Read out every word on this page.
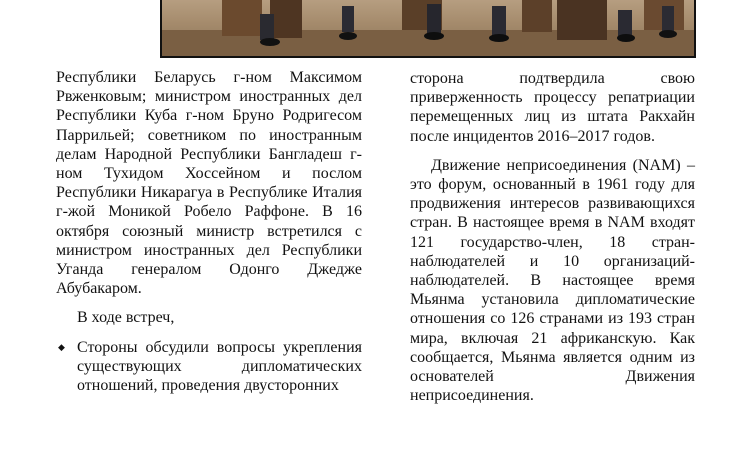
Республики Беларусь г-ном Максимом Рвженковым; министром иностранных дел Республики Куба г-ном Бруно Родригесом Паррильей; советником по иностранным делам Народной Республики Бангладеш г-ном Тухидом Хоссейном и послом Республики Никарагуа в Республике Италия г-жой Моникой Робело Раффоне. В 16 октября союзный министр встретился с министром иностранных дел Республики Уганда генералом Одонго Джедже Абубакаром.

В ходе встреч,

◆ Стороны обсудили вопросы укрепления существующих дипломатических отношений, проведения двусторонних

сторона подтвердила свою приверженность процессу репатриации перемещенных лиц из штата Ракхайн после инцидентов 2016–2017 годов.

Движение неприсоединения (NAM) – это форум, основанный в 1961 году для продвижения интересов развивающихся стран. В настоящее время в NAM входят 121 государство-член, 18 стран-наблюдателей и 10 организаций-наблюдателей. В настоящее время Мьянма установила дипломатические отношения со 126 странами из 193 стран мира, включая 21 африканскую. Как сообщается, Мьянма является одним из основателей Движения неприсоединения.
